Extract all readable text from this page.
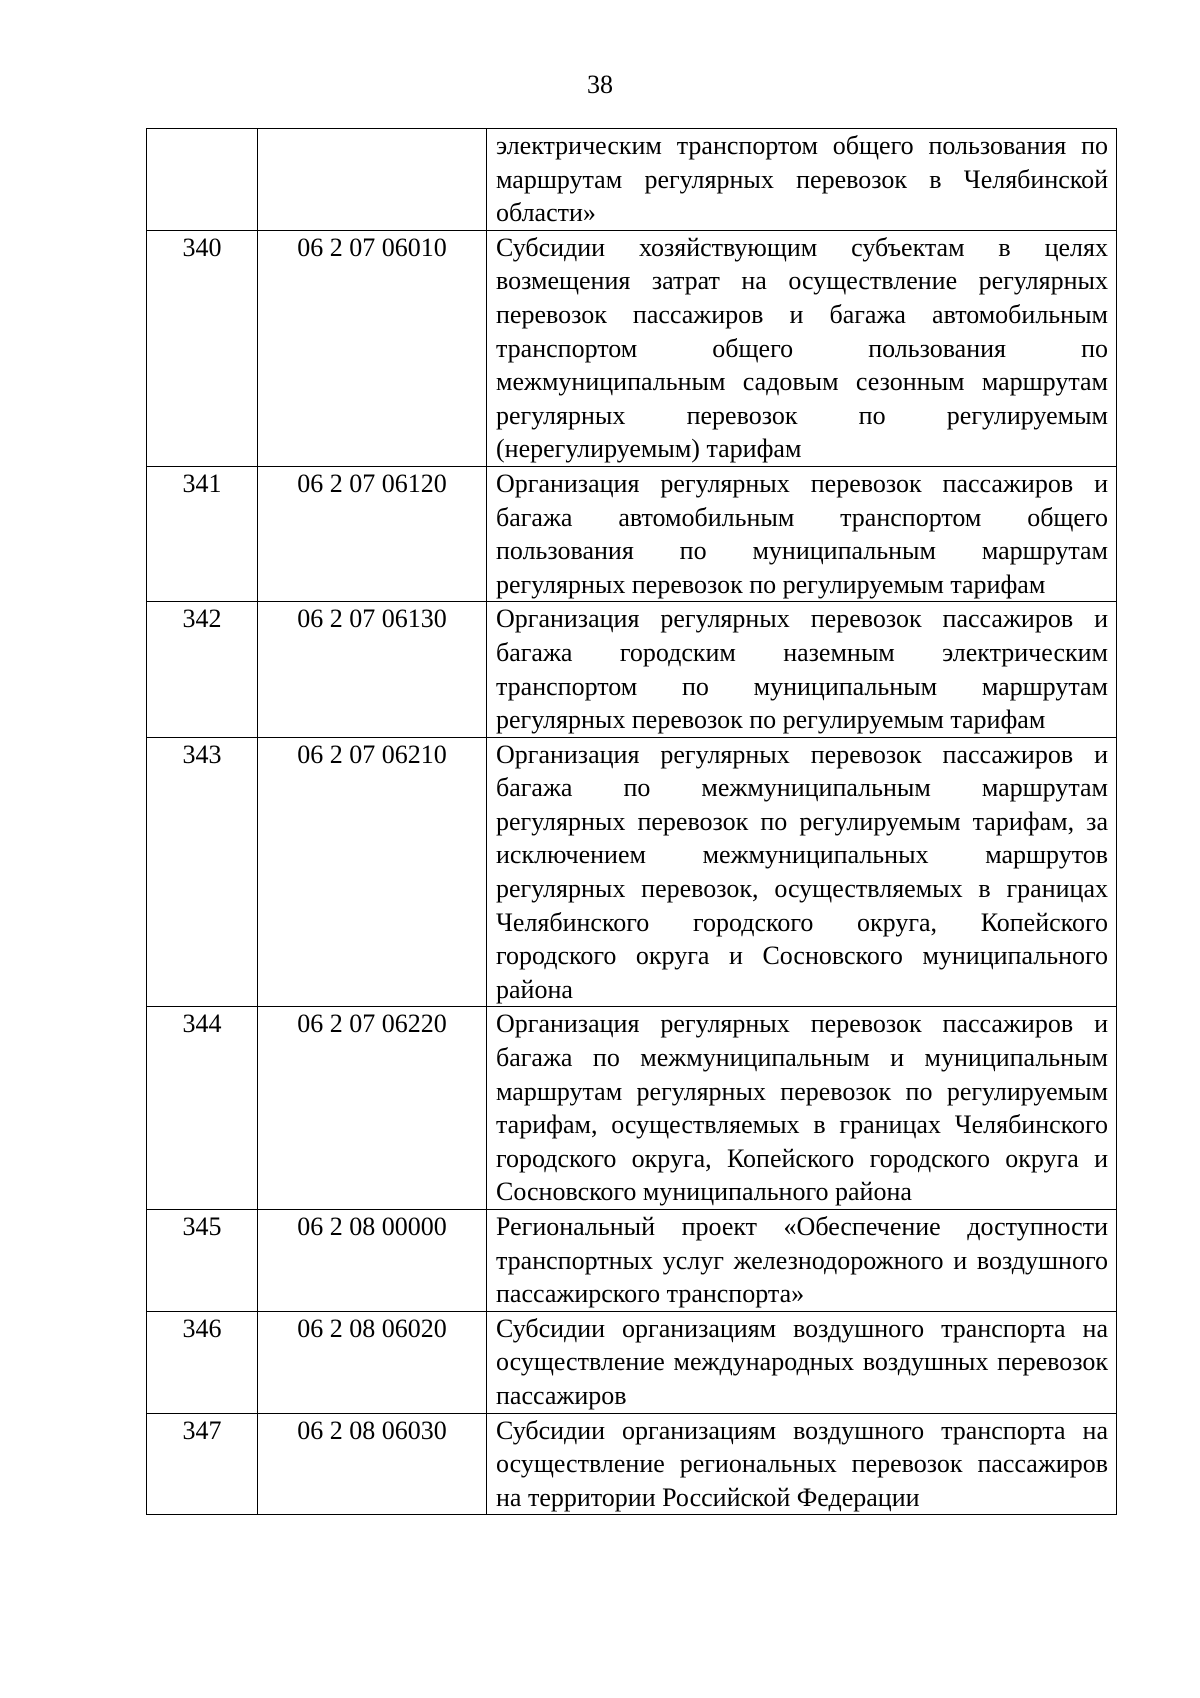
38
		электрическим транспортом общего пользования по маршрутам регулярных перевозок в Челябинской области»
340	06 2 07 06010	Субсидии хозяйствующим субъектам в целях возмещения затрат на осуществление регулярных перевозок пассажиров и багажа автомобильным транспортом общего пользования по межмуниципальным садовым сезонным маршрутам регулярных перевозок по регулируемым (нерегулируемым) тарифам
341	06 2 07 06120	Организация регулярных перевозок пассажиров и багажа автомобильным транспортом общего пользования по муниципальным маршрутам регулярных перевозок по регулируемым тарифам
342	06 2 07 06130	Организация регулярных перевозок пассажиров и багажа городским наземным электрическим транспортом по муниципальным маршрутам регулярных перевозок по регулируемым тарифам
343	06 2 07 06210	Организация регулярных перевозок пассажиров и багажа по межмуниципальным маршрутам регулярных перевозок по регулируемым тарифам, за исключением межмуниципальных маршрутов регулярных перевозок, осуществляемых в границах Челябинского городского округа, Копейского городского округа и Сосновского муниципального района
344	06 2 07 06220	Организация регулярных перевозок пассажиров и багажа по межмуниципальным и муниципальным маршрутам регулярных перевозок по регулируемым тарифам, осуществляемых в границах Челябинского городского округа, Копейского городского округа и Сосновского муниципального района
345	06 2 08 00000	Региональный проект «Обеспечение доступности транспортных услуг железнодорожного и воздушного пассажирского транспорта»
346	06 2 08 06020	Субсидии организациям воздушного транспорта на осуществление международных воздушных перевозок пассажиров
347	06 2 08 06030	Субсидии организациям воздушного транспорта на осуществление региональных перевозок пассажиров на территории Российской Федерации
